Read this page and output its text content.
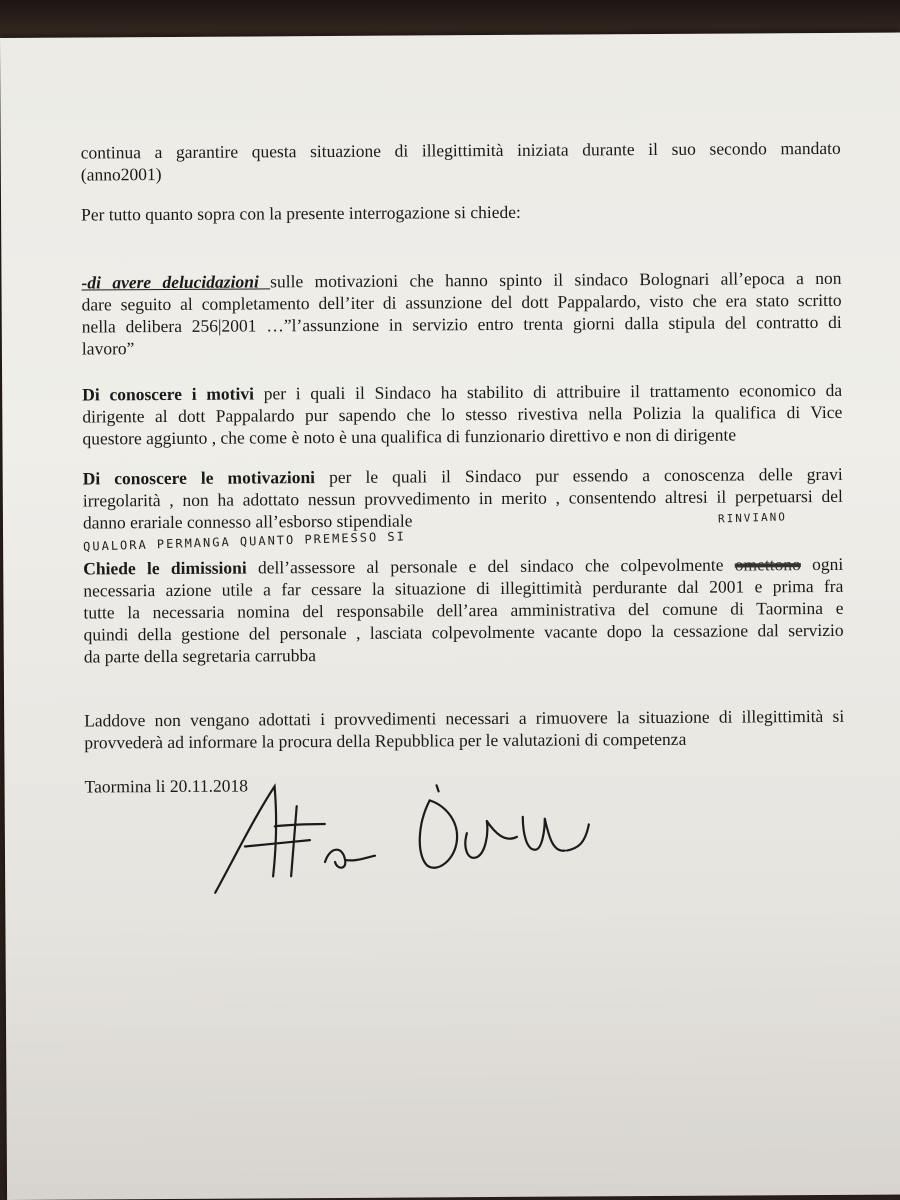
continua a garantire questa situazione di illegittimità iniziata durante il suo secondo mandato
(anno2001)
Per tutto quanto sopra con la presente interrogazione si chiede:
-di avere delucidazioni sulle motivazioni che hanno spinto il sindaco Bolognari all’epoca a non
dare seguito al completamento dell’iter di assunzione del dott Pappalardo, visto che era stato scritto
nella delibera 256|2001 …”l’assunzione in servizio entro trenta giorni dalla stipula del contratto di
lavoro”
Di conoscere i motivi per i quali il Sindaco ha stabilito di attribuire il trattamento economico da
dirigente al dott Pappalardo pur sapendo che lo stesso rivestiva nella Polizia la qualifica di Vice
questore aggiunto , che come è noto è una qualifica di funzionario direttivo e non di dirigente
Di conoscere le motivazioni per le quali il Sindaco pur essendo a conoscenza delle gravi
irregolarità , non ha adottato nessun provvedimento in merito , consentendo altresi il perpetuarsi del
danno erariale connesso all’esborso stipendiale
QUALORA PERMANGA QUANTO PREMESSO SI
RINVIANO
Chiede le dimissioni dell’assessore al personale e del sindaco che colpevolmente omettono ogni
necessaria azione utile a far cessare la situazione di illegittimità perdurante dal 2001 e prima fra
tutte la necessaria nomina del responsabile dell’area amministrativa del comune di Taormina e
quindi della gestione del personale , lasciata colpevolmente vacante dopo la cessazione dal servizio
da parte della segretaria carrubba
Laddove non vengano adottati i provvedimenti necessari a rimuovere la situazione di illegittimità si
provvederà ad informare la procura della Repubblica per le valutazioni di competenza
Taormina li 20.11.2018
